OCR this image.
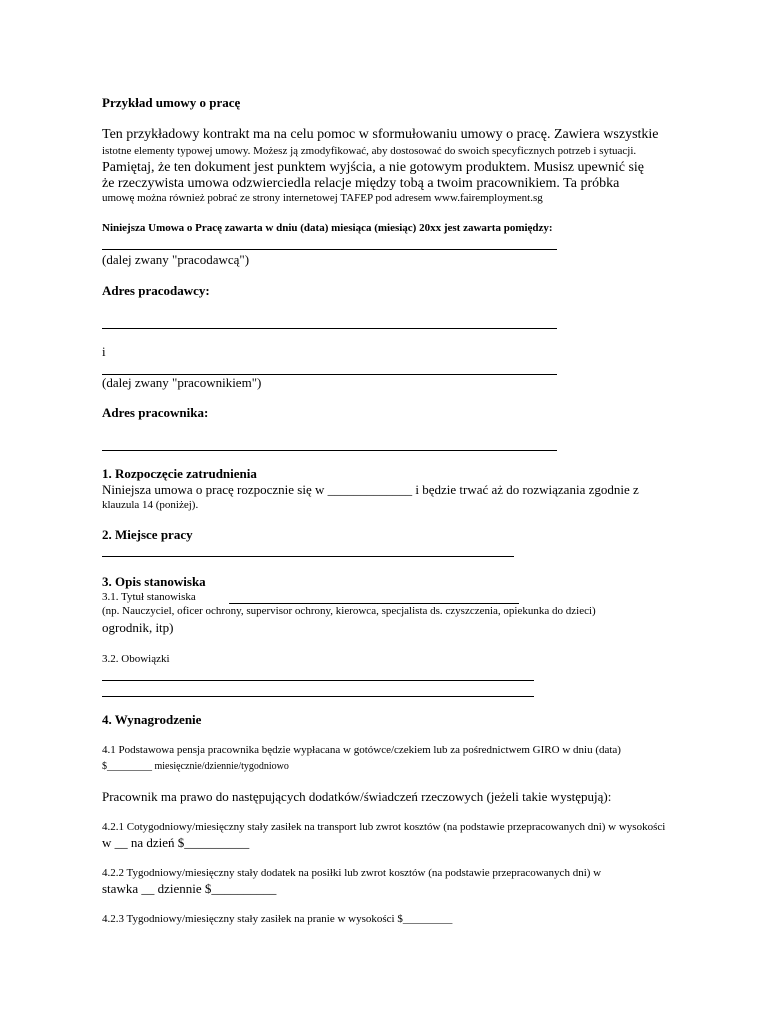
Przykład umowy o pracę
Ten przykładowy kontrakt ma na celu pomoc w sformułowaniu umowy o pracę. Zawiera wszystkie
istotne elementy typowej umowy. Możesz ją zmodyfikować, aby dostosować do swoich specyficznych potrzeb i sytuacji.
Pamiętaj, że ten dokument jest punktem wyjścia, a nie gotowym produktem. Musisz upewnić się
że rzeczywista umowa odzwierciedla relacje między tobą a twoim pracownikiem. Ta próbka
umowę można również pobrać ze strony internetowej TAFEP pod adresem www.fairemployment.sg
Niniejsza Umowa o Pracę zawarta w dniu (data) miesiąca (miesiąc) 20xx jest zawarta pomiędzy:
(dalej zwany "pracodawcą")
Adres pracodawcy:
i
(dalej zwany "pracownikiem")
Adres pracownika:
1. Rozpoczęcie zatrudnienia
Niniejsza umowa o pracę rozpocznie się w _____________ i będzie trwać aż do rozwiązania zgodnie z
klauzula 14 (poniżej).
2. Miejsce pracy
3. Opis stanowiska
3.1. Tytuł stanowiska
(np. Nauczyciel, oficer ochrony, supervisor ochrony, kierowca, specjalista ds. czyszczenia, opiekunka do dzieci)
ogrodnik, itp)
3.2. Obowiązki
4. Wynagrodzenie
4.1 Podstawowa pensja pracownika będzie wypłacana w gotówce/czekiem lub za pośrednictwem GIRO w dniu (data)
$_________ miesięcznie/dziennie/tygodniowo
Pracownik ma prawo do następujących dodatków/świadczeń rzeczowych (jeżeli takie występują):
4.2.1 Cotygodniowy/miesięczny stały zasiłek na transport lub zwrot kosztów (na podstawie przepracowanych dni) w wysokości
w __ na dzień $__________
4.2.2 Tygodniowy/miesięczny stały dodatek na posiłki lub zwrot kosztów (na podstawie przepracowanych dni) w
stawka __ dziennie $__________
4.2.3 Tygodniowy/miesięczny stały zasiłek na pranie w wysokości $_________
